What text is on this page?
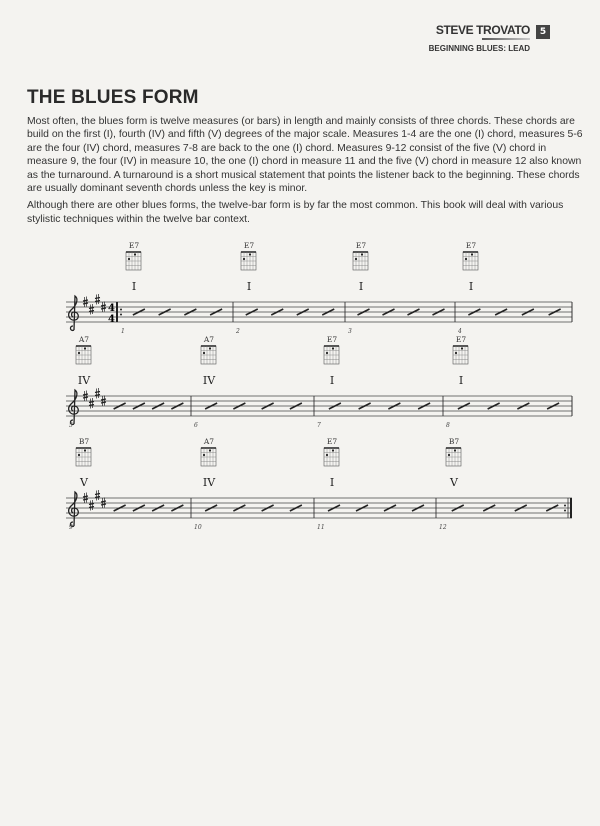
STEVE TROVATO
BEGINNING BLUES: LEAD
5
THE BLUES FORM

Most often, the blues form is twelve measures (or bars) in length and mainly consists of three chords. These chords are build on the first (I), fourth (IV) and fifth (V) degrees of the major scale. Measures 1-4 are the one (I) chord, measures 5-6 are the four (IV) chord, measures 7-8 are back to the one (I) chord. Measures 9-12 consist of the five (V) chord in measure 9, the four (IV) in measure 10, the one (I) chord in measure 11 and the five (V) chord in measure 12 also known as the turnaround. A turnaround is a short musical statement that points the listener back to the beginning. These chords are usually dominant seventh chords unless the key is minor.

Although there are other blues forms, the twelve-bar form is by far the most common. This book will deal with various stylistic techniques within the twelve bar context.

4
4
1
E7
I
2
E7
I
3
E7
I
4
E7
I
5
A7
IV
6
A7
IV
7
E7
I
8
E7
I
9
B7
V
10
A7
IV
11
E7
I
12
B7
V
